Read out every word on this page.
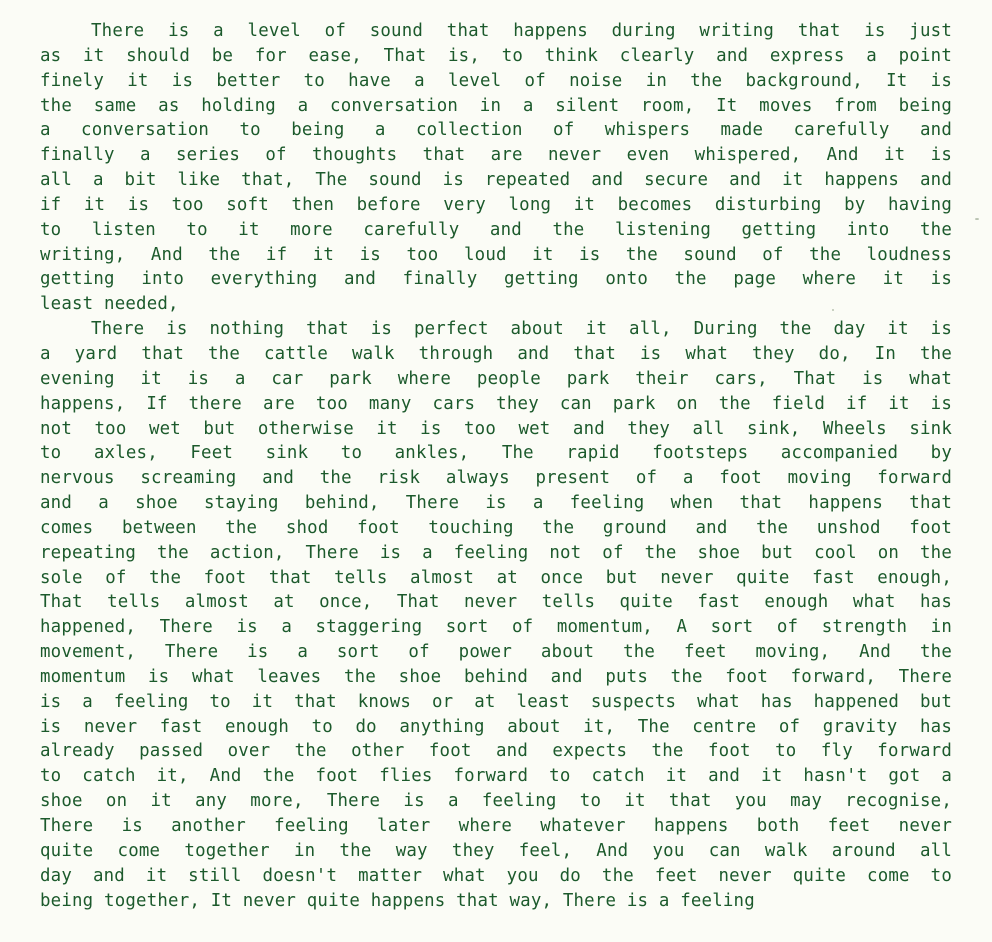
There is a level of sound that happens during writing that is just
as it should be for ease, That is, to think clearly and express a point
finely it is better to have a level of noise in the background, It is
the same as holding a conversation in a silent room, It moves from being
a conversation to being a collection of whispers made carefully and
finally a series of thoughts that are never even whispered, And it is
all a bit like that, The sound is repeated and secure and it happens and
if it is too soft then before very long it becomes disturbing by having
to listen to it more carefully and the listening getting into the
writing, And the if it is too loud it is the sound of the loudness
getting into everything and finally getting onto the page where it is
least needed,
There is nothing that is perfect about it all, During the day it is
a yard that the cattle walk through and that is what they do, In the
evening it is a car park where people park their cars, That is what
happens, If there are too many cars they can park on the field if it is
not too wet but otherwise it is too wet and they all sink, Wheels sink
to axles, Feet sink to ankles, The rapid footsteps accompanied by
nervous screaming and the risk always present of a foot moving forward
and a shoe staying behind, There is a feeling when that happens that
comes between the shod foot touching the ground and the unshod foot
repeating the action, There is a feeling not of the shoe but cool on the
sole of the foot that tells almost at once but never quite fast enough,
That tells almost at once, That never tells quite fast enough what has
happened, There is a staggering sort of momentum, A sort of strength in
movement, There is a sort of power about the feet moving, And the
momentum is what leaves the shoe behind and puts the foot forward, There
is a feeling to it that knows or at least suspects what has happened but
is never fast enough to do anything about it, The centre of gravity has
already passed over the other foot and expects the foot to fly forward
to catch it, And the foot flies forward to catch it and it hasn't got a
shoe on it any more, There is a feeling to it that you may recognise,
There is another feeling later where whatever happens both feet never
quite come together in the way they feel, And you can walk around all
day and it still doesn't matter what you do the feet never quite come to
being together, It never quite happens that way, There is a feeling
